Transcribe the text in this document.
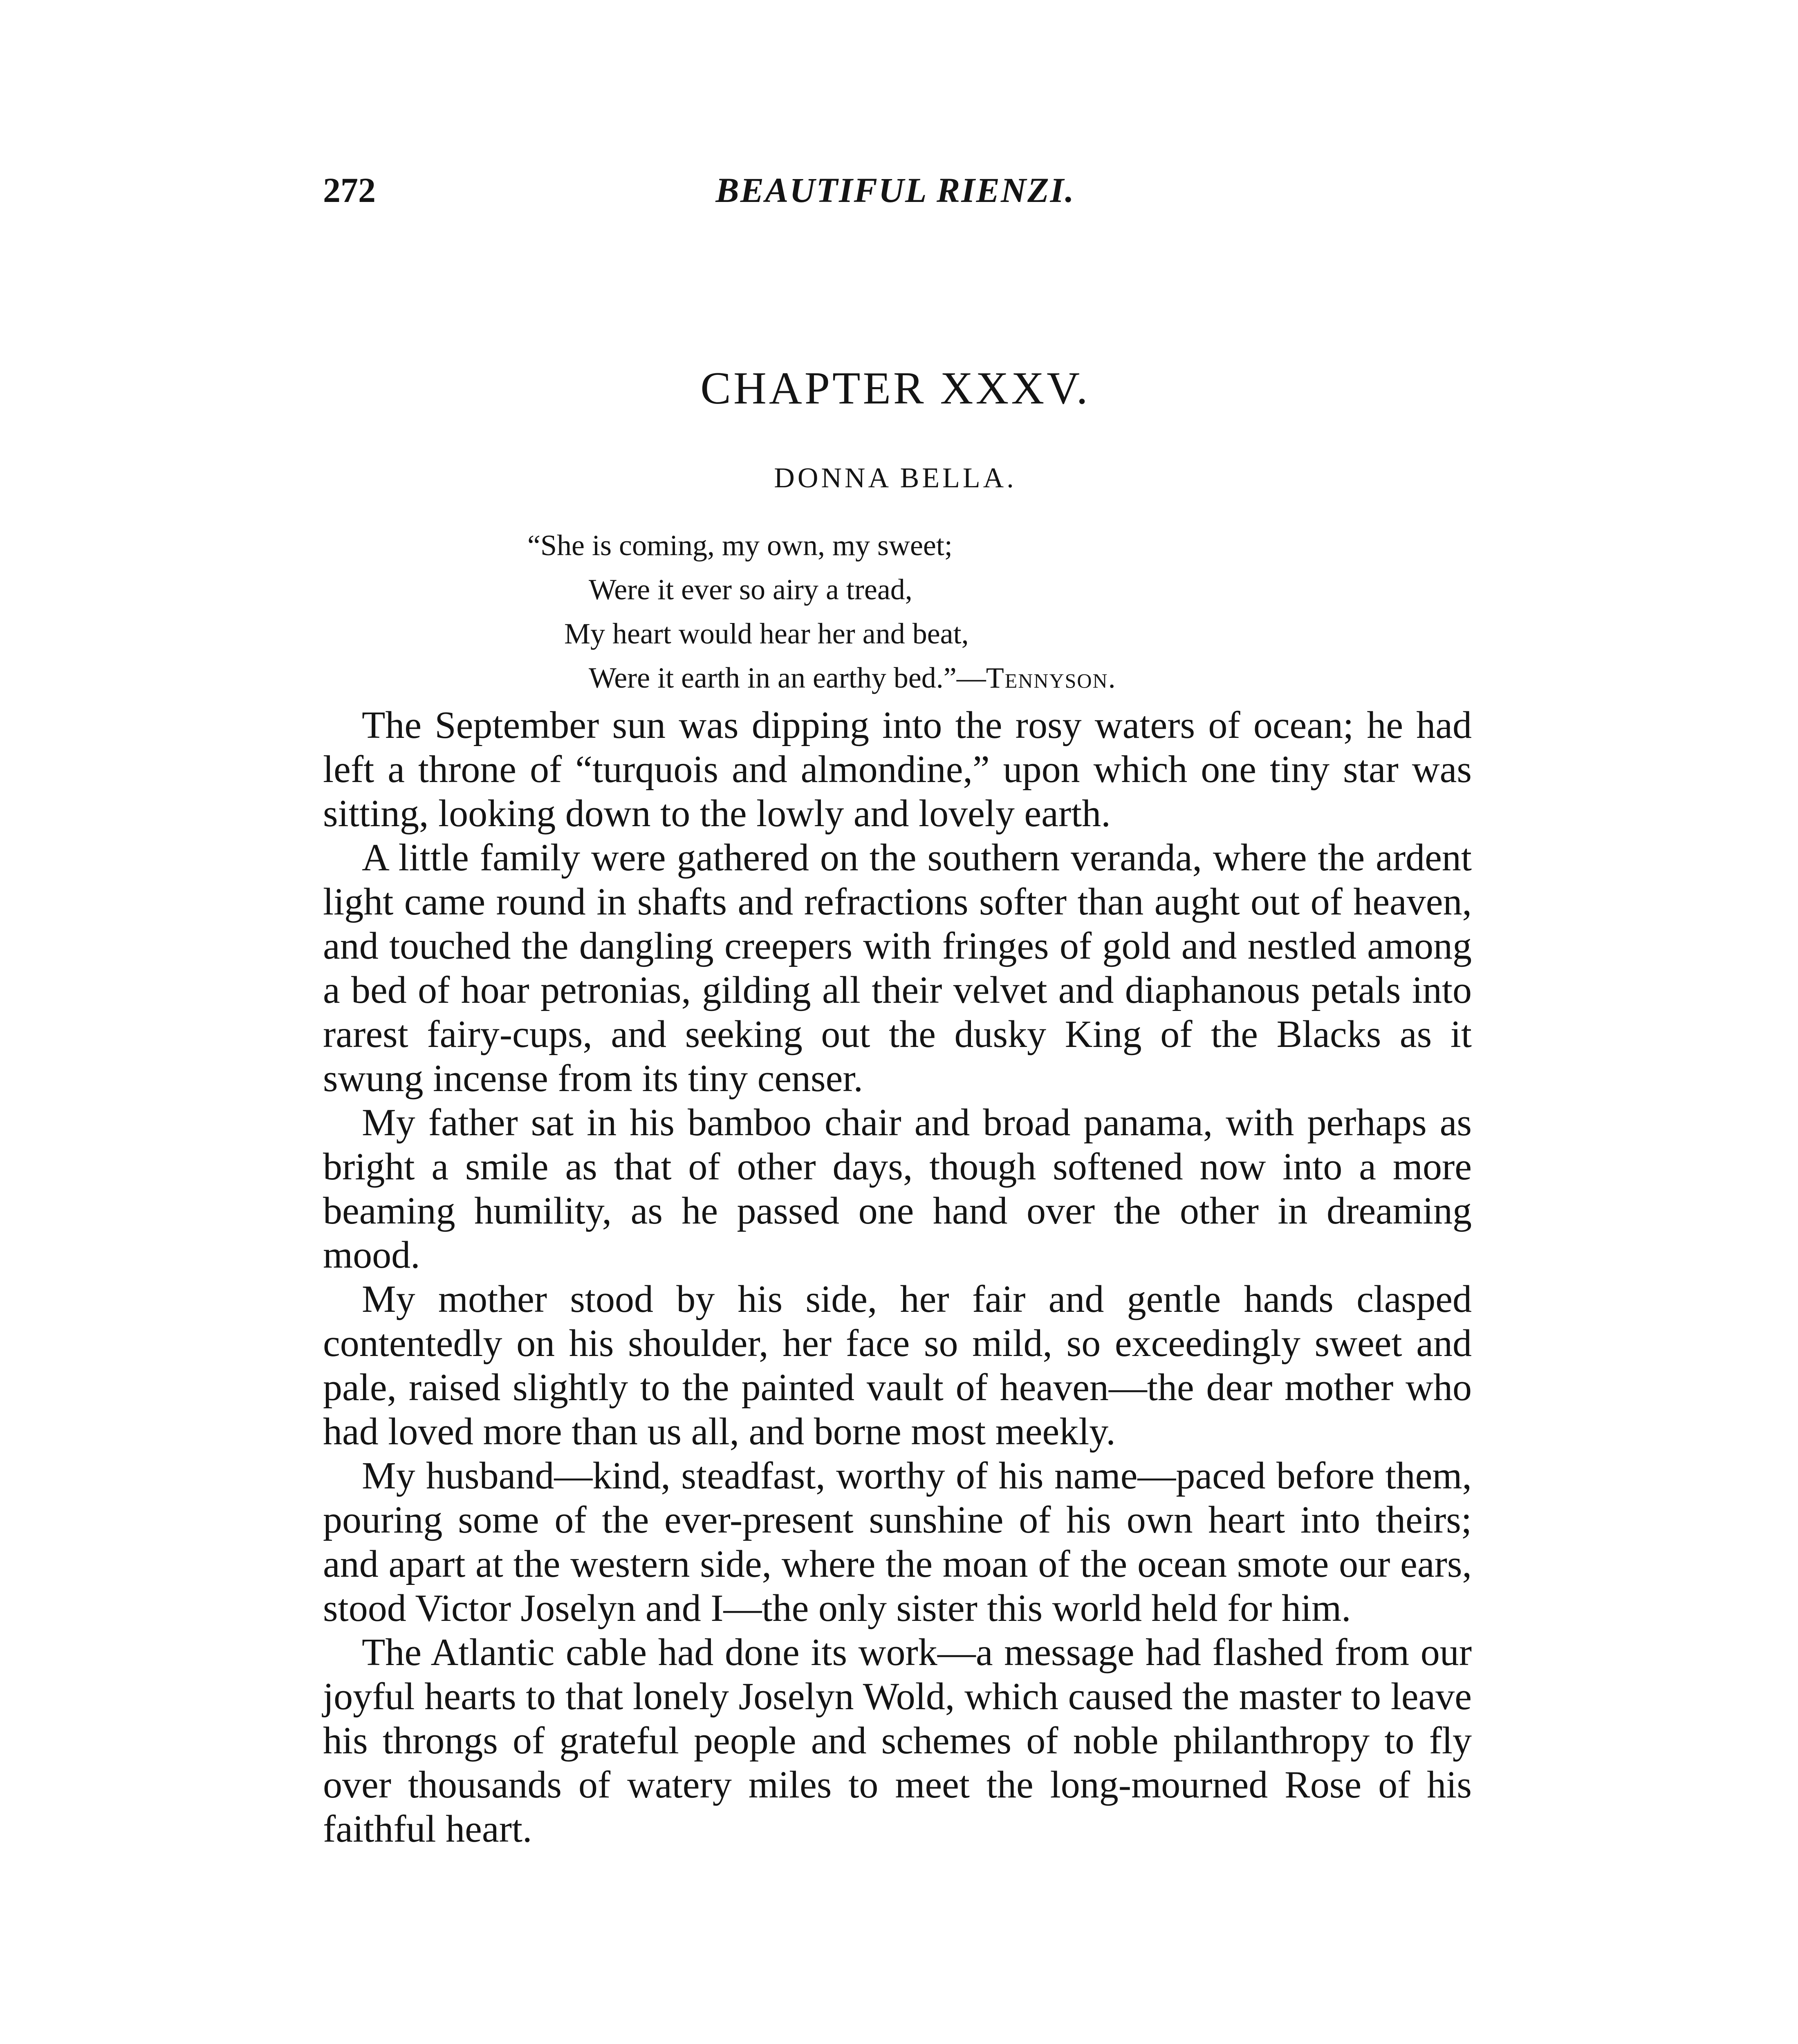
272	BEAUTIFUL RIENZI.
CHAPTER XXXV.
DONNA BELLA.
“She is coming, my own, my sweet;
Were it ever so airy a tread,
My heart would hear her and beat,
Were it earth in an earthy bed.”—Tennyson.

The September sun was dipping into the rosy waters of ocean; he had left a throne of “turquois and almondine,” upon which one tiny star was sitting, looking down to the lowly and lovely earth.

A little family were gathered on the southern veranda, where the ardent light came round in shafts and refractions softer than aught out of heaven, and touched the dangling creepers with fringes of gold and nestled among a bed of hoar petronias, gilding all their velvet and diaphanous petals into rarest fairy-cups, and seeking out the dusky King of the Blacks as it swung incense from its tiny censer.

My father sat in his bamboo chair and broad panama, with perhaps as bright a smile as that of other days, though softened now into a more beaming humility, as he passed one hand over the other in dreaming mood.

My mother stood by his side, her fair and gentle hands clasped contentedly on his shoulder, her face so mild, so exceedingly sweet and pale, raised slightly to the painted vault of heaven—the dear mother who had loved more than us all, and borne most meekly.

My husband—kind, steadfast, worthy of his name—paced before them, pouring some of the ever-present sunshine of his own heart into theirs; and apart at the western side, where the moan of the ocean smote our ears, stood Victor Joselyn and I—the only sister this world held for him.

The Atlantic cable had done its work—a message had flashed from our joyful hearts to that lonely Joselyn Wold, which caused the master to leave his throngs of grateful people and schemes of noble philanthropy to fly over thousands of watery miles to meet the long-mourned Rose of his faithful heart.
